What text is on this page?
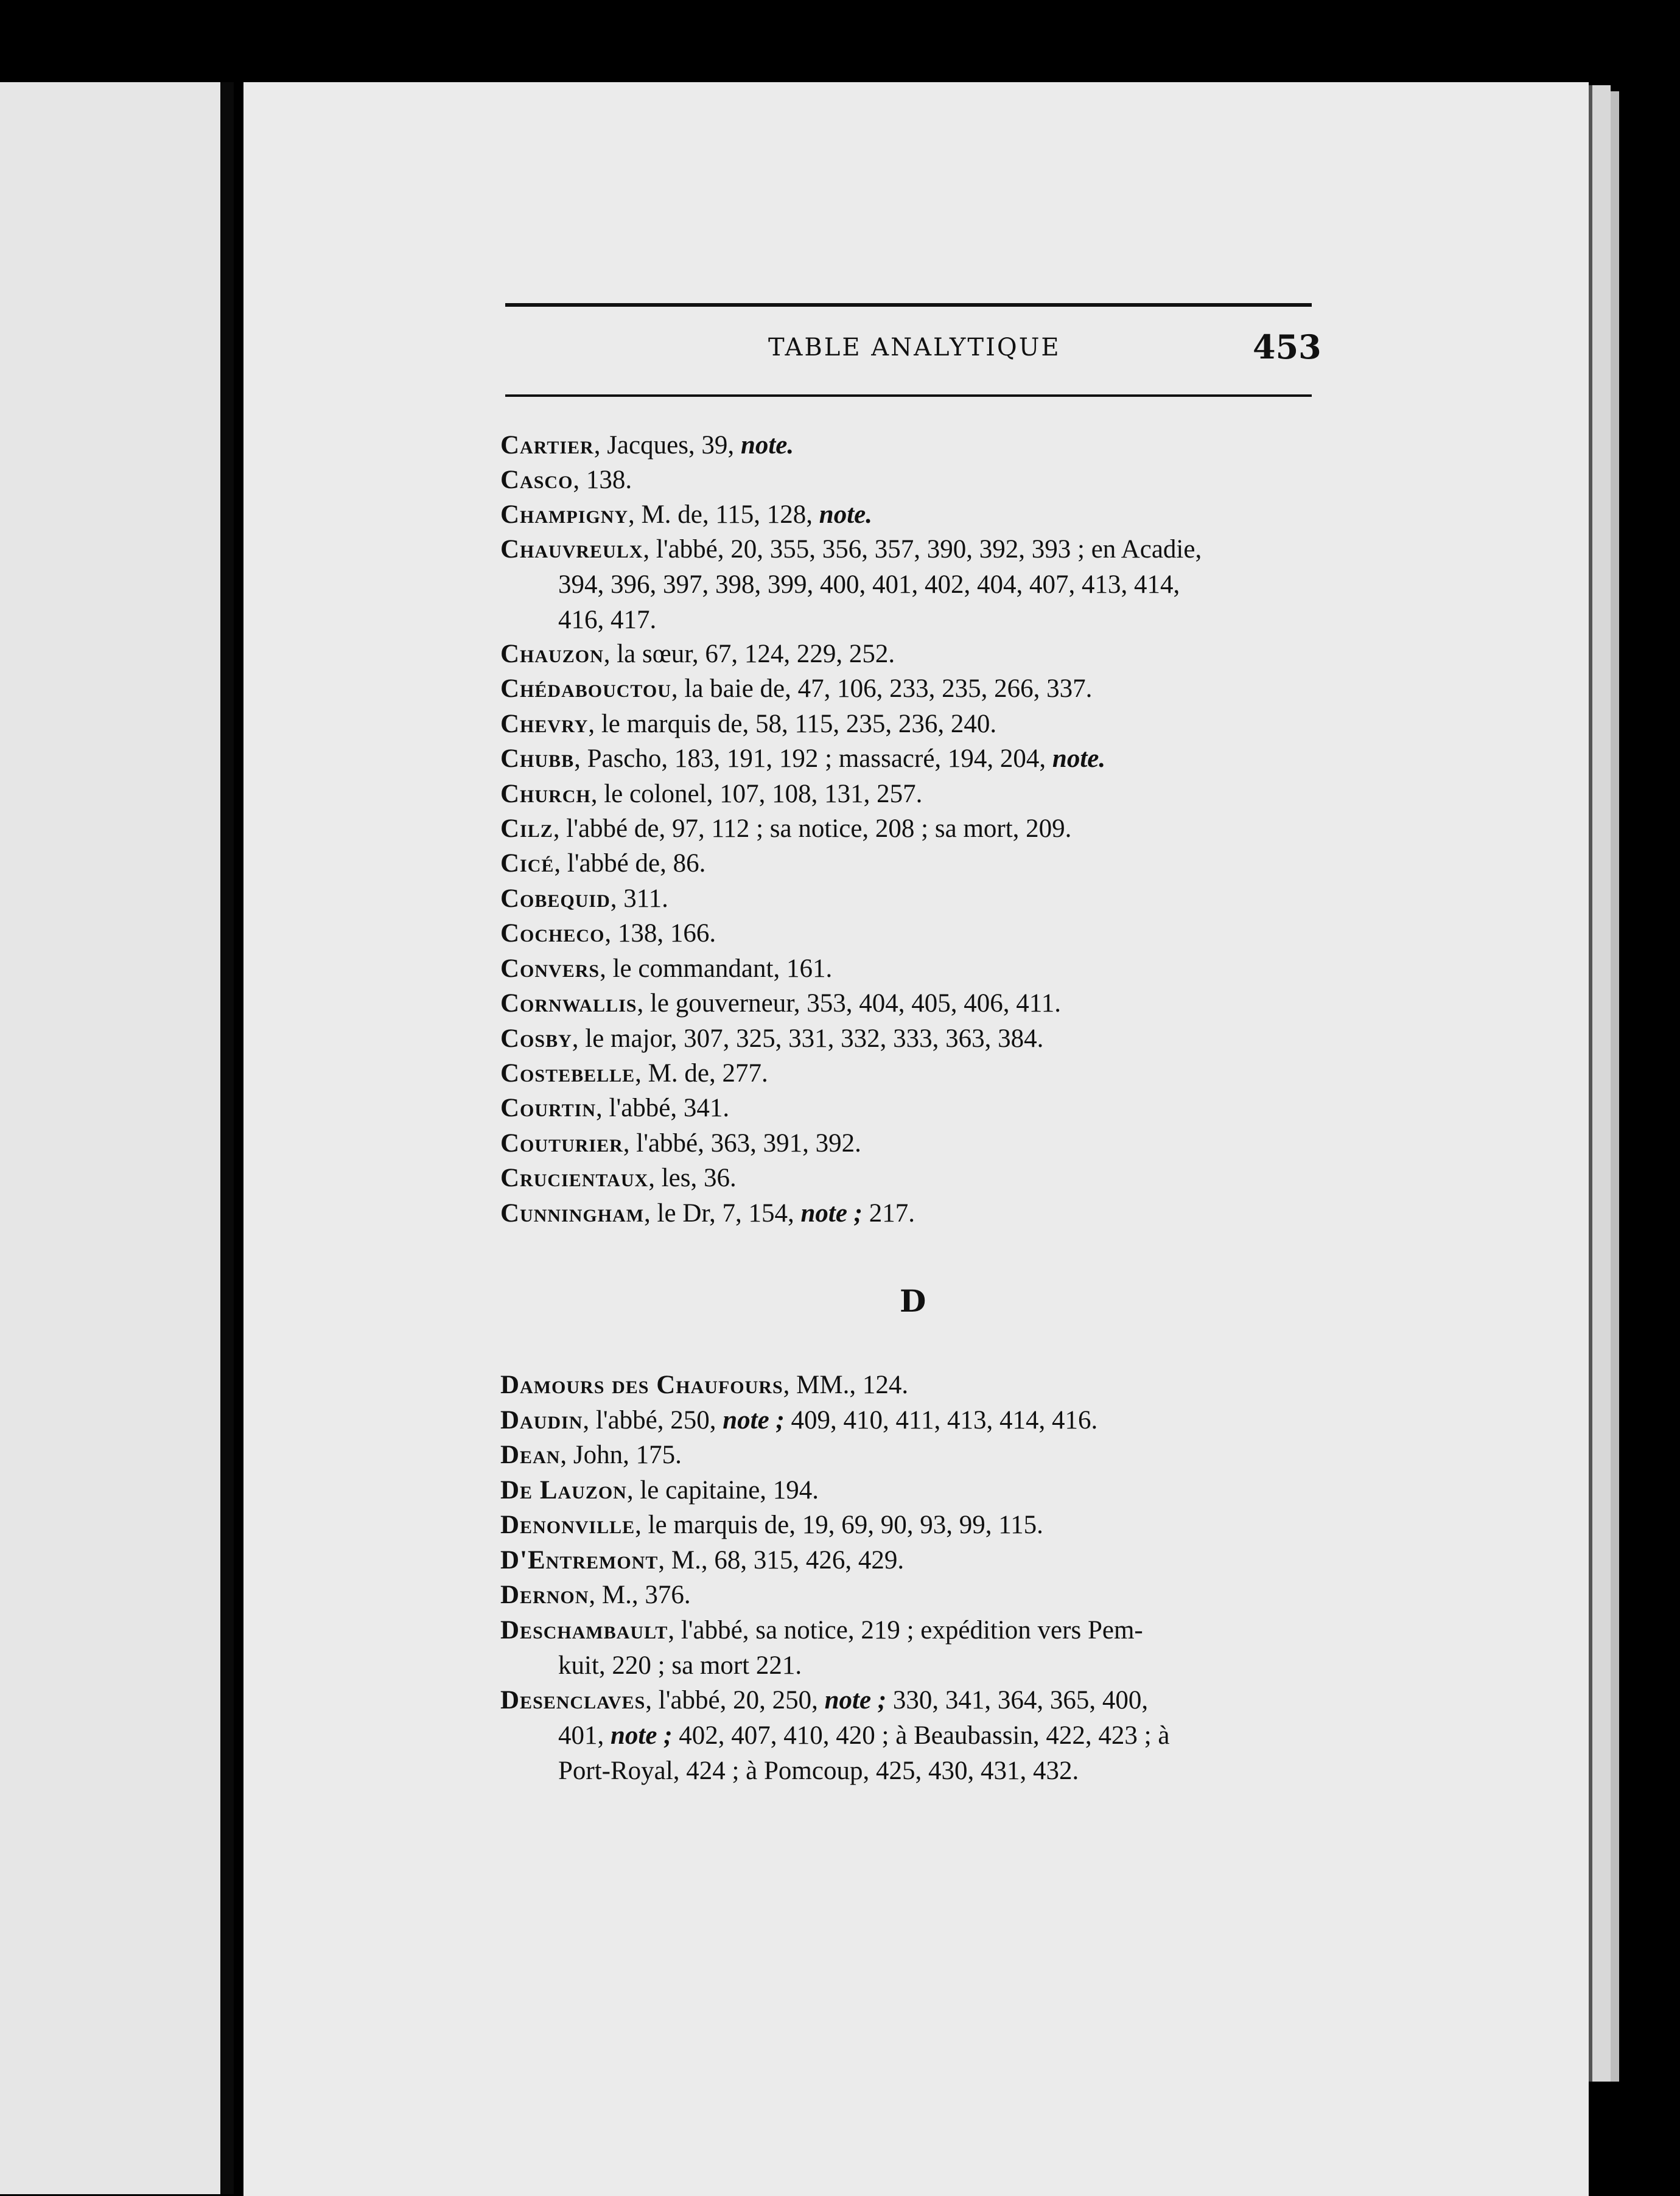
TABLE ANALYTIQUE	453
Cartier, Jacques, 39, note.
Casco, 138.
Champigny, M. de, 115, 128, note.
Chauvreulx, l'abbé, 20, 355, 356, 357, 390, 392, 393 ; en Acadie,
394, 396, 397, 398, 399, 400, 401, 402, 404, 407, 413, 414,
416, 417.
Chauzon, la sœur, 67, 124, 229, 252.
Chédabouctou, la baie de, 47, 106, 233, 235, 266, 337.
Chevry, le marquis de, 58, 115, 235, 236, 240.
Chubb, Pascho, 183, 191, 192 ; massacré, 194, 204, note.
Church, le colonel, 107, 108, 131, 257.
Cilz, l'abbé de, 97, 112 ; sa notice, 208 ; sa mort, 209.
Cicé, l'abbé de, 86.
Cobequid, 311.
Cocheco, 138, 166.
Convers, le commandant, 161.
Cornwallis, le gouverneur, 353, 404, 405, 406, 411.
Cosby, le major, 307, 325, 331, 332, 333, 363, 384.
Costebelle, M. de, 277.
Courtin, l'abbé, 341.
Couturier, l'abbé, 363, 391, 392.
Crucientaux, les, 36.
Cunningham, le Dr, 7, 154, note ; 217.
D
Damours des Chaufours, MM., 124.
Daudin, l'abbé, 250, note ; 409, 410, 411, 413, 414, 416.
Dean, John, 175.
De Lauzon, le capitaine, 194.
Denonville, le marquis de, 19, 69, 90, 93, 99, 115.
D'Entremont, M., 68, 315, 426, 429.
Dernon, M., 376.
Deschambault, l'abbé, sa notice, 219 ; expédition vers Pem-
kuit, 220 ; sa mort 221.
Desenclaves, l'abbé, 20, 250, note ; 330, 341, 364, 365, 400,
401, note ; 402, 407, 410, 420 ; à Beaubassin, 422, 423 ; à
Port-Royal, 424 ; à Pomcoup, 425, 430, 431, 432.
